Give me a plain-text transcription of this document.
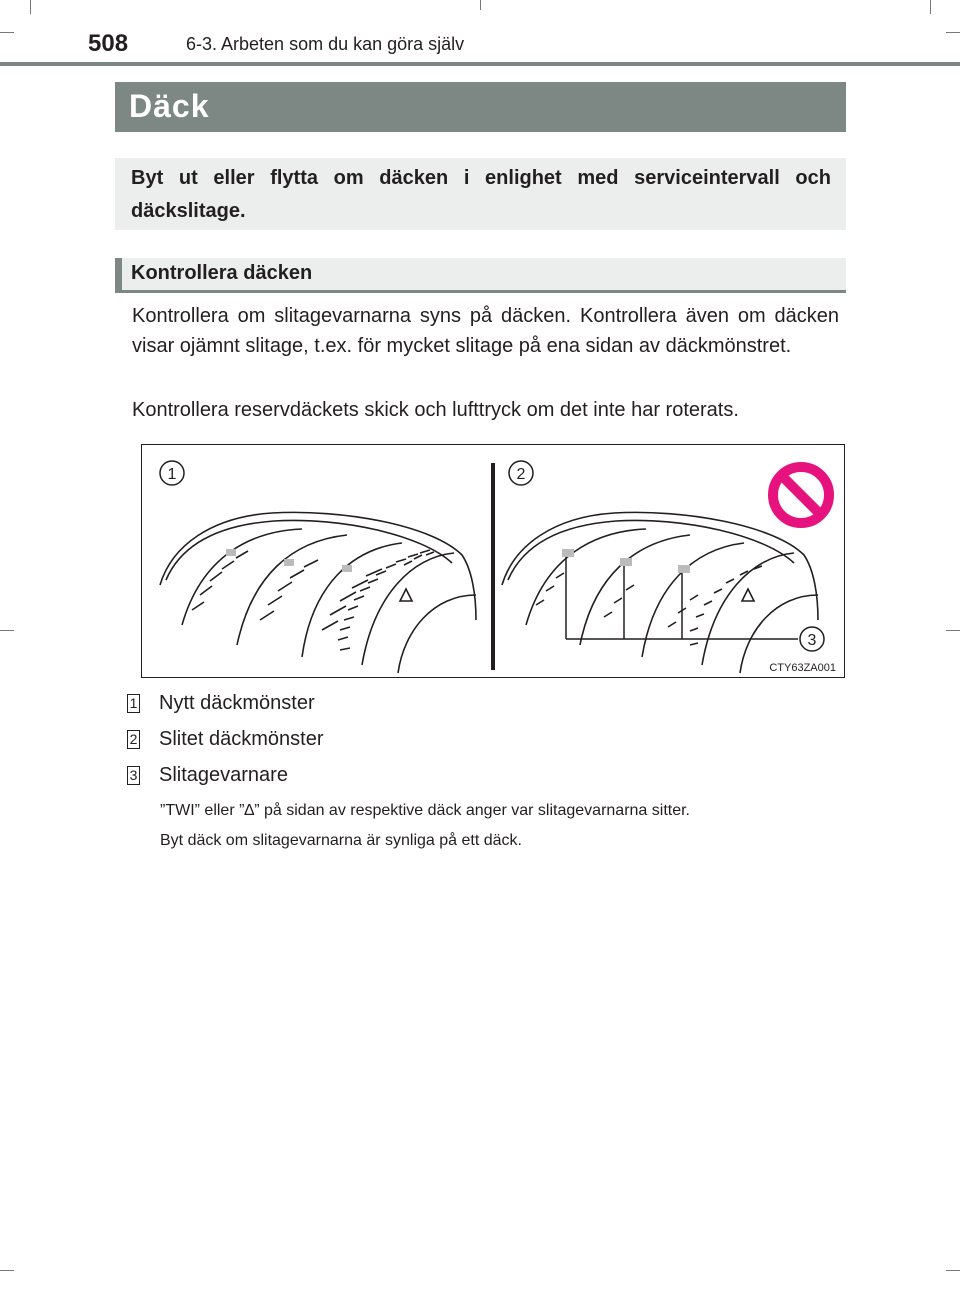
508	6-3. Arbeten som du kan göra själv
Däck

Byt ut eller flytta om däcken i enlighet med serviceintervall och däckslitage.

Kontrollera däcken

Kontrollera om slitagevarnarna syns på däcken. Kontrollera även om däcken visar ojämnt slitage, t.ex. för mycket slitage på ena sidan av däckmönstret.

Kontrollera reservdäckets skick och lufttryck om det inte har roterats.

1	2
3
CTY63ZA001
1 Nytt däckmönster
2 Slitet däckmönster
3 Slitagevarnare

”TWI” eller ”∆” på sidan av respektive däck anger var slitagevarnarna sitter.

Byt däck om slitagevarnarna är synliga på ett däck.
